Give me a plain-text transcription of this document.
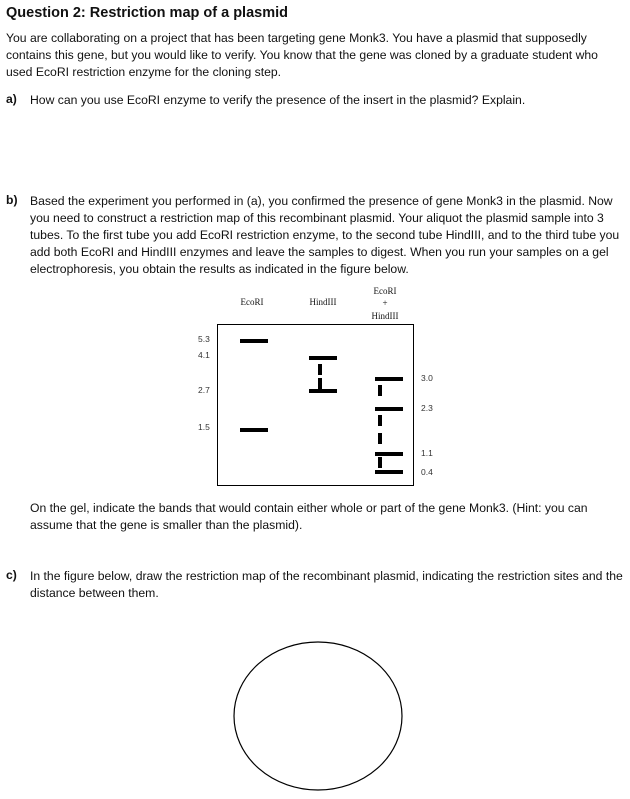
Question 2: Restriction map of a plasmid
You are collaborating on a project that has been targeting gene Monk3. You have a plasmid that supposedly contains this gene, but you would like to verify. You know that the gene was cloned by a graduate student who used EcoRI restriction enzyme for the cloning step.
a) How can you use EcoRI enzyme to verify the presence of the insert in the plasmid? Explain.
b) Based the experiment you performed in (a), you confirmed the presence of gene Monk3 in the plasmid. Now you need to construct a restriction map of this recombinant plasmid. Your aliquot the plasmid sample into 3 tubes. To the first tube you add EcoRI restriction enzyme, to the second tube HindIII, and to the third tube you add both EcoRI and HindIII enzymes and leave the samples to digest. When you run your samples on a gel electrophoresis, you obtain the results as indicated in the figure below.
EcoRI	HindIII
EcoRI
+
HindIII
5.3
4.1
2.7
1.5
3.0
2.3
1.1
0.4
On the gel, indicate the bands that would contain either whole or part of the gene Monk3. (Hint: you can assume that the gene is smaller than the plasmid).
c) In the figure below, draw the restriction map of the recombinant plasmid, indicating the restriction sites and the distance between them.
